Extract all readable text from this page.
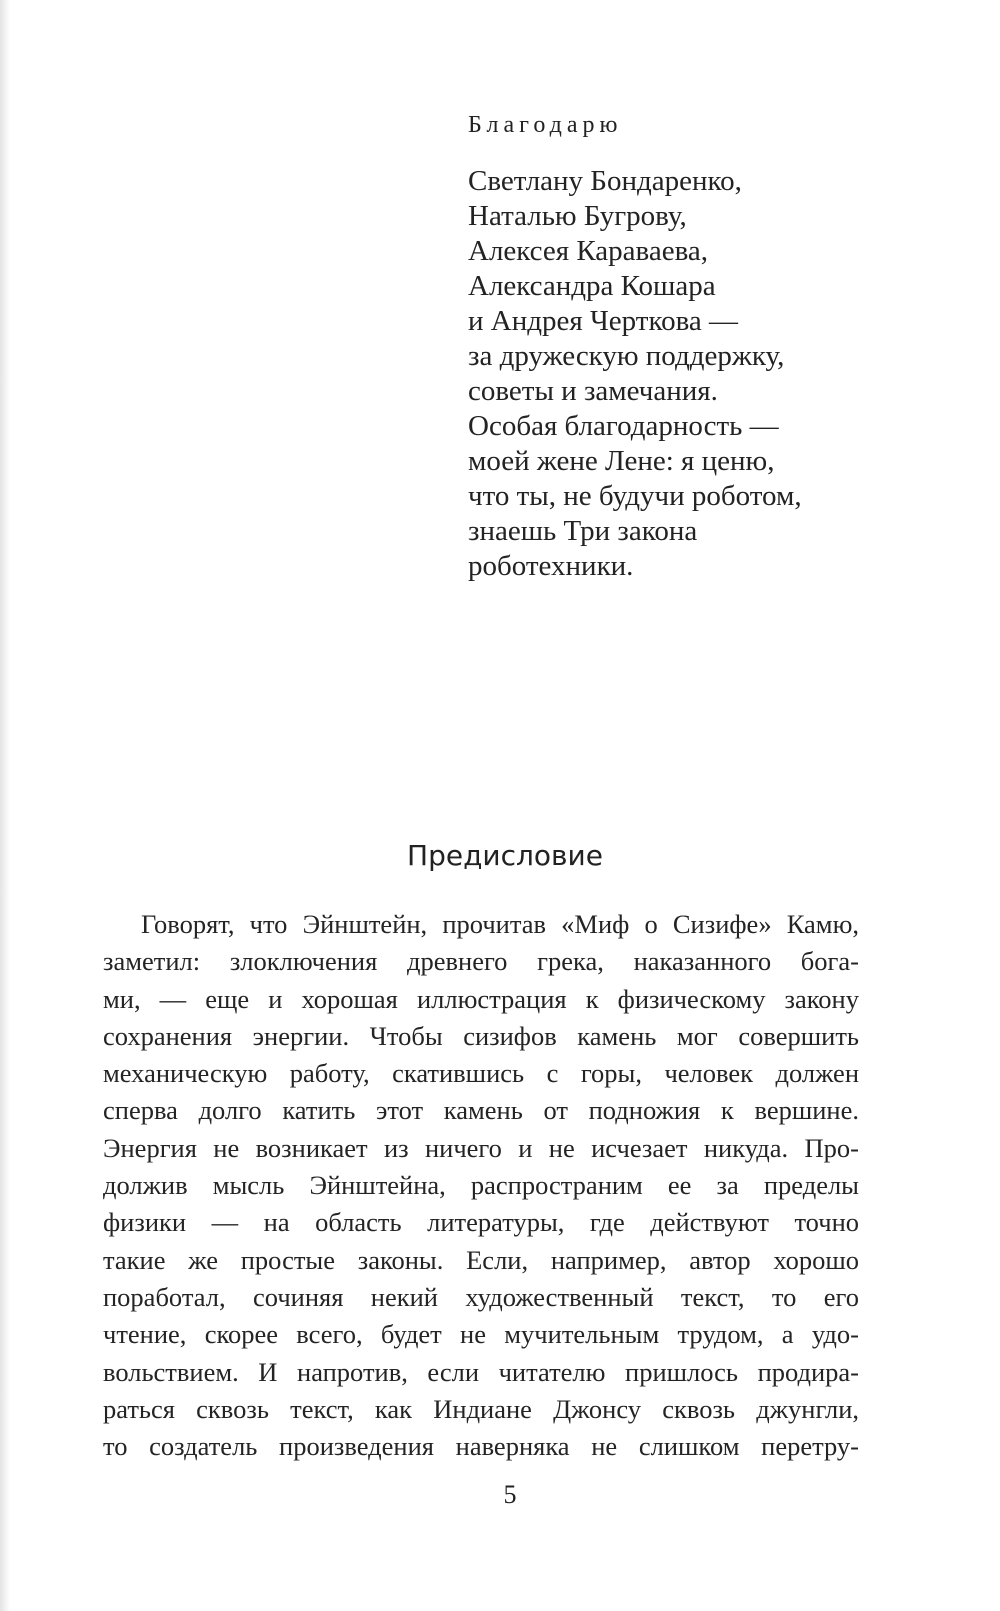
Благодарю
Светлану Бондаренко,
Наталью Бугрову,
Алексея Караваева,
Александра Кошара
и Андрея Черткова —
за дружескую поддержку,
советы и замечания.
Особая благодарность —
моей жене Лене: я ценю,
что ты, не будучи роботом,
знаешь Три закона
роботехники.
Предисловие
Говорят, что Эйнштейн, прочитав «Миф о Сизифе» Камю,
заметил: злоключения древнего грека, наказанного бога-
ми, — еще и хорошая иллюстрация к физическому закону
сохранения энергии. Чтобы сизифов камень мог совершить
механическую работу, скатившись с горы, человек должен
сперва долго катить этот камень от подножия к вершине.
Энергия не возникает из ничего и не исчезает никуда. Про-
должив мысль Эйнштейна, распространим ее за пределы
физики — на область литературы, где действуют точно
такие же простые законы. Если, например, автор хорошо
поработал, сочиняя некий художественный текст, то его
чтение, скорее всего, будет не мучительным трудом, а удо-
вольствием. И напротив, если читателю пришлось продира-
раться сквозь текст, как Индиане Джонсу сквозь джунгли,
то создатель произведения наверняка не слишком перетру-
5
